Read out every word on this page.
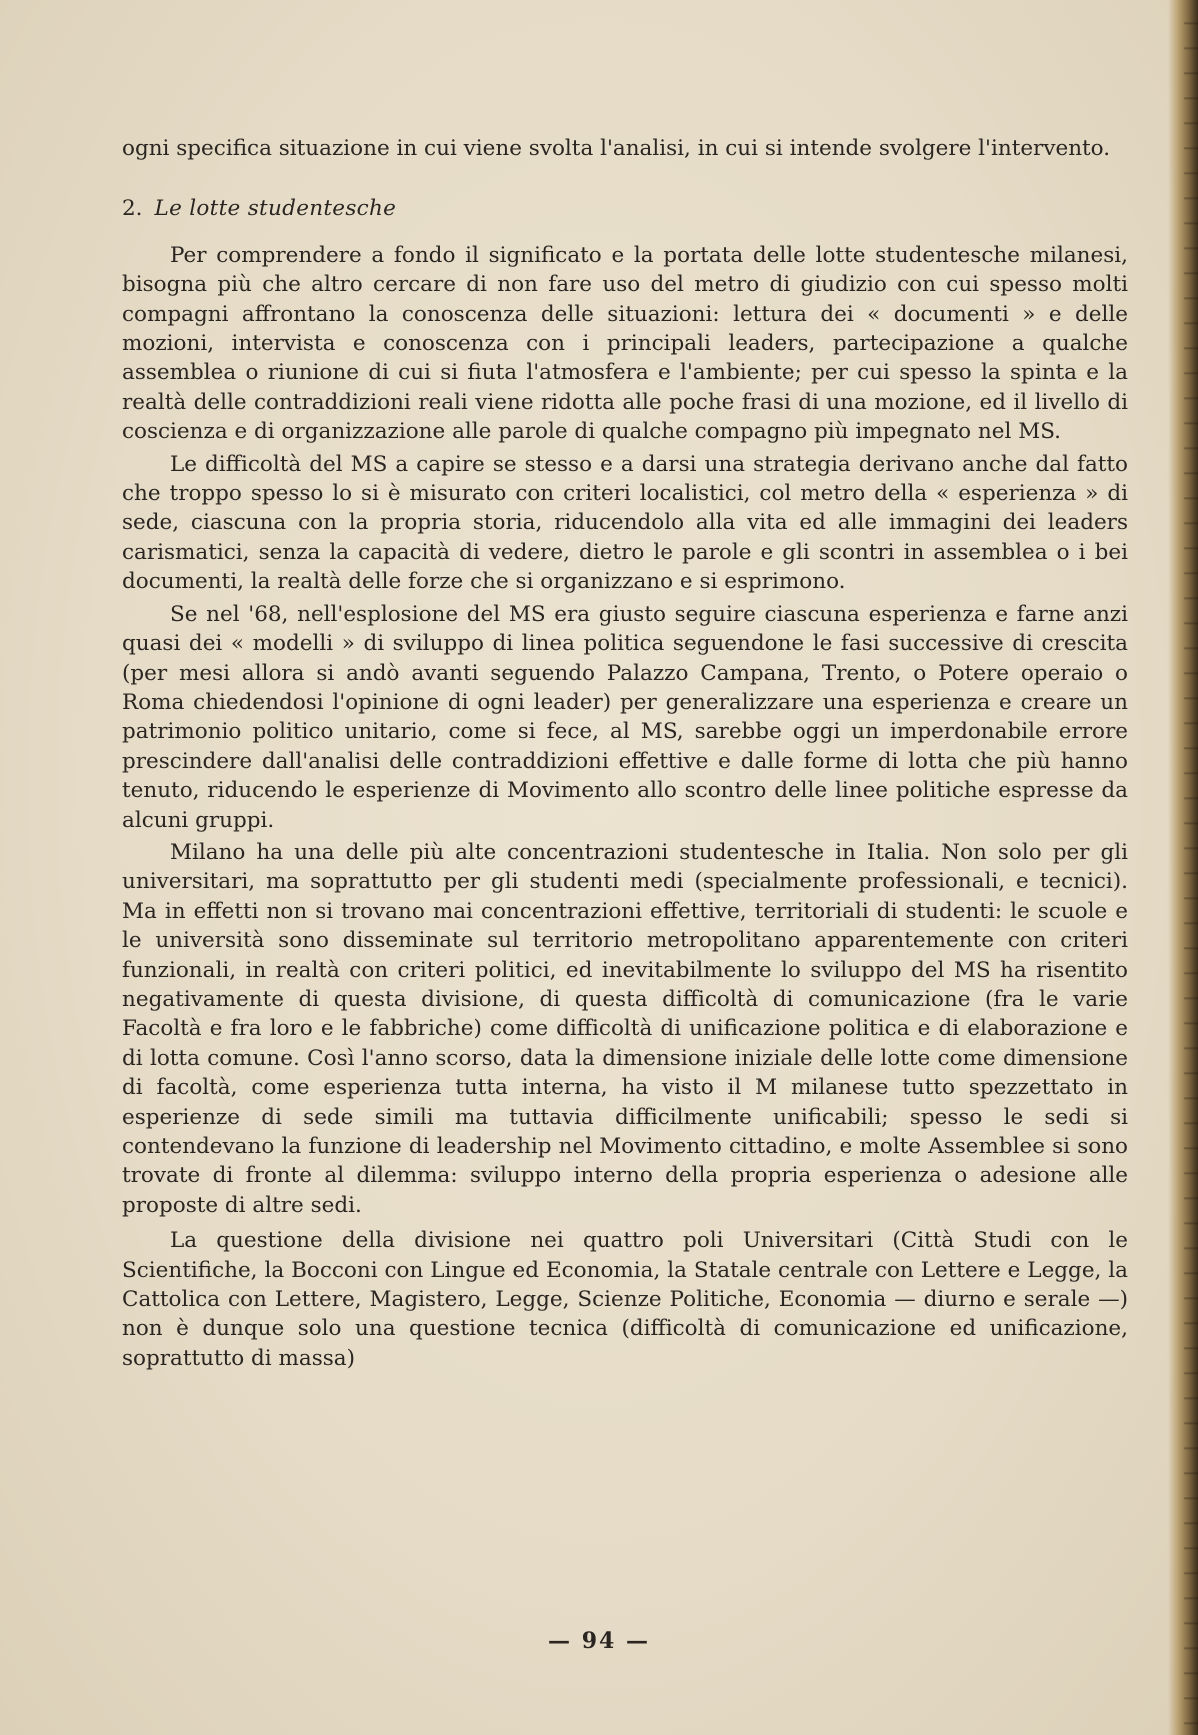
ogni specifica situazione in cui viene svolta l'analisi, in cui si intende svolgere l'intervento.

2. Le lotte studentesche

Per comprendere a fondo il significato e la portata delle lotte studentesche milanesi, bisogna più che altro cercare di non fare uso del metro di giudizio con cui spesso molti compagni affrontano la conoscenza delle situazioni: lettura dei « documenti » e delle mozioni, intervista e conoscenza con i principali leaders, partecipazione a qualche assemblea o riunione di cui si fiuta l'atmosfera e l'ambiente; per cui spesso la spinta e la realtà delle contraddizioni reali viene ridotta alle poche frasi di una mozione, ed il livello di coscienza e di organizzazione alle parole di qualche compagno più impegnato nel MS.

Le difficoltà del MS a capire se stesso e a darsi una strategia derivano anche dal fatto che troppo spesso lo si è misurato con criteri localistici, col metro della « esperienza » di sede, ciascuna con la propria storia, riducendolo alla vita ed alle immagini dei leaders carismatici, senza la capacità di vedere, dietro le parole e gli scontri in assemblea o i bei documenti, la realtà delle forze che si organizzano e si esprimono.

Se nel '68, nell'esplosione del MS era giusto seguire ciascuna esperienza e farne anzi quasi dei « modelli » di sviluppo di linea politica seguendone le fasi successive di crescita (per mesi allora si andò avanti seguendo Palazzo Campana, Trento, o Potere operaio o Roma chiedendosi l'opinione di ogni leader) per generalizzare una esperienza e creare un patrimonio politico unitario, come si fece, al MS, sarebbe oggi un imperdonabile errore prescindere dall'analisi delle contraddizioni effettive e dalle forme di lotta che più hanno tenuto, riducendo le esperienze di Movimento allo scontro delle linee politiche espresse da alcuni gruppi.

Milano ha una delle più alte concentrazioni studentesche in Italia. Non solo per gli universitari, ma soprattutto per gli studenti medi (specialmente professionali, e tecnici). Ma in effetti non si trovano mai concentrazioni effettive, territoriali di studenti: le scuole e le università sono disseminate sul territorio metropolitano apparentemente con criteri funzionali, in realtà con criteri politici, ed inevitabilmente lo sviluppo del MS ha risentito negativamente di questa divisione, di questa difficoltà di comunicazione (fra le varie Facoltà e fra loro e le fabbriche) come difficoltà di unificazione politica e di elaborazione e di lotta comune. Così l'anno scorso, data la dimensione iniziale delle lotte come dimensione di facoltà, come esperienza tutta interna, ha visto il M milanese tutto spezzettato in esperienze di sede simili ma tuttavia difficilmente unificabili; spesso le sedi si contendevano la funzione di leadership nel Movimento cittadino, e molte Assemblee si sono trovate di fronte al dilemma: sviluppo interno della propria esperienza o adesione alle proposte di altre sedi.

La questione della divisione nei quattro poli Universitari (Città Studi con le Scientifiche, la Bocconi con Lingue ed Economia, la Statale centrale con Lettere e Legge, la Cattolica con Lettere, Magistero, Legge, Scienze Politiche, Economia — diurno e serale —) non è dunque solo una questione tecnica (difficoltà di comunicazione ed unificazione, soprattutto di massa)

— 94 —
